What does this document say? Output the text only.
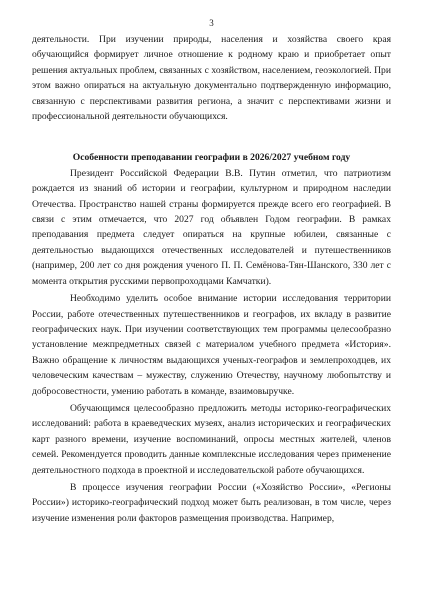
3

деятельности. При изучении природы, населения и хозяйства своего края обучающийся формирует личное отношение к родному краю и приобретает опыт решения актуальных проблем, связанных с хозяйством, населением, геоэкологией. При этом важно опираться на актуальную документально подтвержденную информацию, связанную с перспективами развития региона, а значит с перспективами жизни и профессиональной деятельности обучающихся.

Особенности преподавании географии в 2026/2027 учебном году

Президент Российской Федерации В.В. Путин отметил, что патриотизм рождается из знаний об истории и географии, культурном и природном наследии Отечества. Пространство нашей страны формируется прежде всего его географией. В связи с этим отмечается, что 2027 год объявлен Годом географии. В рамках преподавания предмета следует опираться на крупные юбилеи, связанные с деятельностью выдающихся отечественных исследователей и путешественников (например, 200 лет со дня рождения ученого П. П. Семёнова-Тян-Шанского, 330 лет с момента открытия русскими первопроходцами Камчатки).

Необходимо уделить особое внимание истории исследования территории России, работе отечественных путешественников и географов, их вкладу в развитие географических наук. При изучении соответствующих тем программы целесообразно установление межпредметных связей с материалом учебного предмета «История». Важно обращение к личностям выдающихся ученых-географов и землепроходцев, их человеческим качествам – мужеству, служению Отечеству, научному любопытству и добросовестности, умению работать в команде, взаимовыручке.

Обучающимся целесообразно предложить методы историко-географических исследований: работа в краеведческих музеях, анализ исторических и географических карт разного времени, изучение воспоминаний, опросы местных жителей, членов семей. Рекомендуется проводить данные комплексные исследования через применение деятельностного подхода в проектной и исследовательской работе обучающихся.

В процессе изучения географии России («Хозяйство России», «Регионы России») историко-географический подход может быть реализован, в том числе, через изучение изменения роли факторов размещения производства. Например,
